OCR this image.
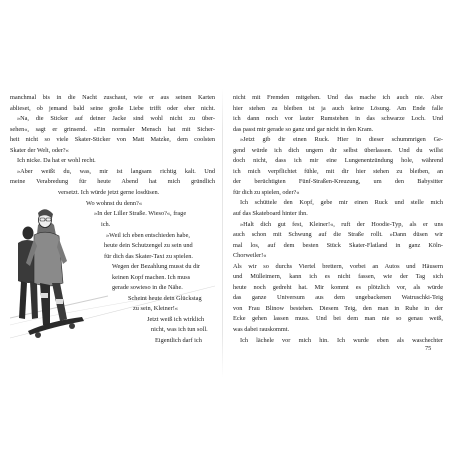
manchmal bis in die Nacht zuschaut, wie er aus seinen Karten
ablieset, ob jemand bald seine große Liebe trifft oder eher nicht.
»Na, die Sticker auf deiner Jacke sind wohl nicht zu über-
sehen«, sagt er grinsend. »Ein normaler Mensch hat mit Sicher-
heit nicht so viele Skater-Sticker von Matt Matzke, dem coolsten
Skater der Welt, oder?«
Ich nicke. Da hat er wohl recht.
»Aber weißt du, was, mir ist langsam richtig kalt. Und
meine Verabredung für heute Abend hat mich gründlich
versetzt. Ich würde jetzt gerne losdüsen.
Wo wohnst du denn?«
»In der Liller Straße. Wieso?«, frage
ich.
»Weil ich eben entschieden habe,
heute dein Schutzengel zu sein und
für dich das Skater-Taxi zu spielen.
Wegen der Bezahlung musst du dir
keinen Kopf machen. Ich muss
gerade sowieso in die Nähe.
Scheint heute dein Glückstag
zu sein, Kleiner!«
Jetzt weiß ich wirklich
nicht, was ich tun soll.
Eigentlich darf ich
nicht mit Fremden mitgehen. Und das mache ich auch nie. Aber
hier stehen zu bleiben ist ja auch keine Lösung. Am Ende falle
ich dann noch vor lauter Rumstehen in das schwarze Loch. Und
das passt mir gerade so ganz und gar nicht in den Kram.
»Jetzt gib dir einen Ruck. Hier in dieser schummrigen Ge-
gend würde ich dich ungern dir selbst überlassen. Und du willst
doch nicht, dass ich mir eine Lungenentzündung hole, während
ich mich verpflichtet fühle, mit dir hier stehen zu bleiben, an
der berüchtigten Fünf-Straßen-Kreuzung, um den Babysitter
für dich zu spielen, oder?«
Ich schüttele den Kopf, gebe mir einen Ruck und stelle mich
auf das Skateboard hinter ihn.
»Halt dich gut fest, Kleiner!«, ruft der Hoodie-Typ, als er uns
auch schon mit Schwung auf die Straße rollt. »Dann düsen wir
mal los, auf dem besten Stück Skater-Flatland in ganz Köln-
Chorweiler!«
Als wir so durchs Viertel brettern, vorbei an Autos und Häusern
und Mülleimern, kann ich es nicht fassen, wie der Tag sich
heute noch gedreht hat. Mir kommt es plötzlich vor, als würde
das ganze Universum aus dem ungebackenen Watruschki-Teig
von Frau Blinow bestehen. Diesem Teig, den man in Ruhe in der
Ecke gehen lassen muss. Und bei dem man nie so genau weiß,
was dabei rauskommt.
Ich lächele vor mich hin. Ich wurde eben als waschechter
75
